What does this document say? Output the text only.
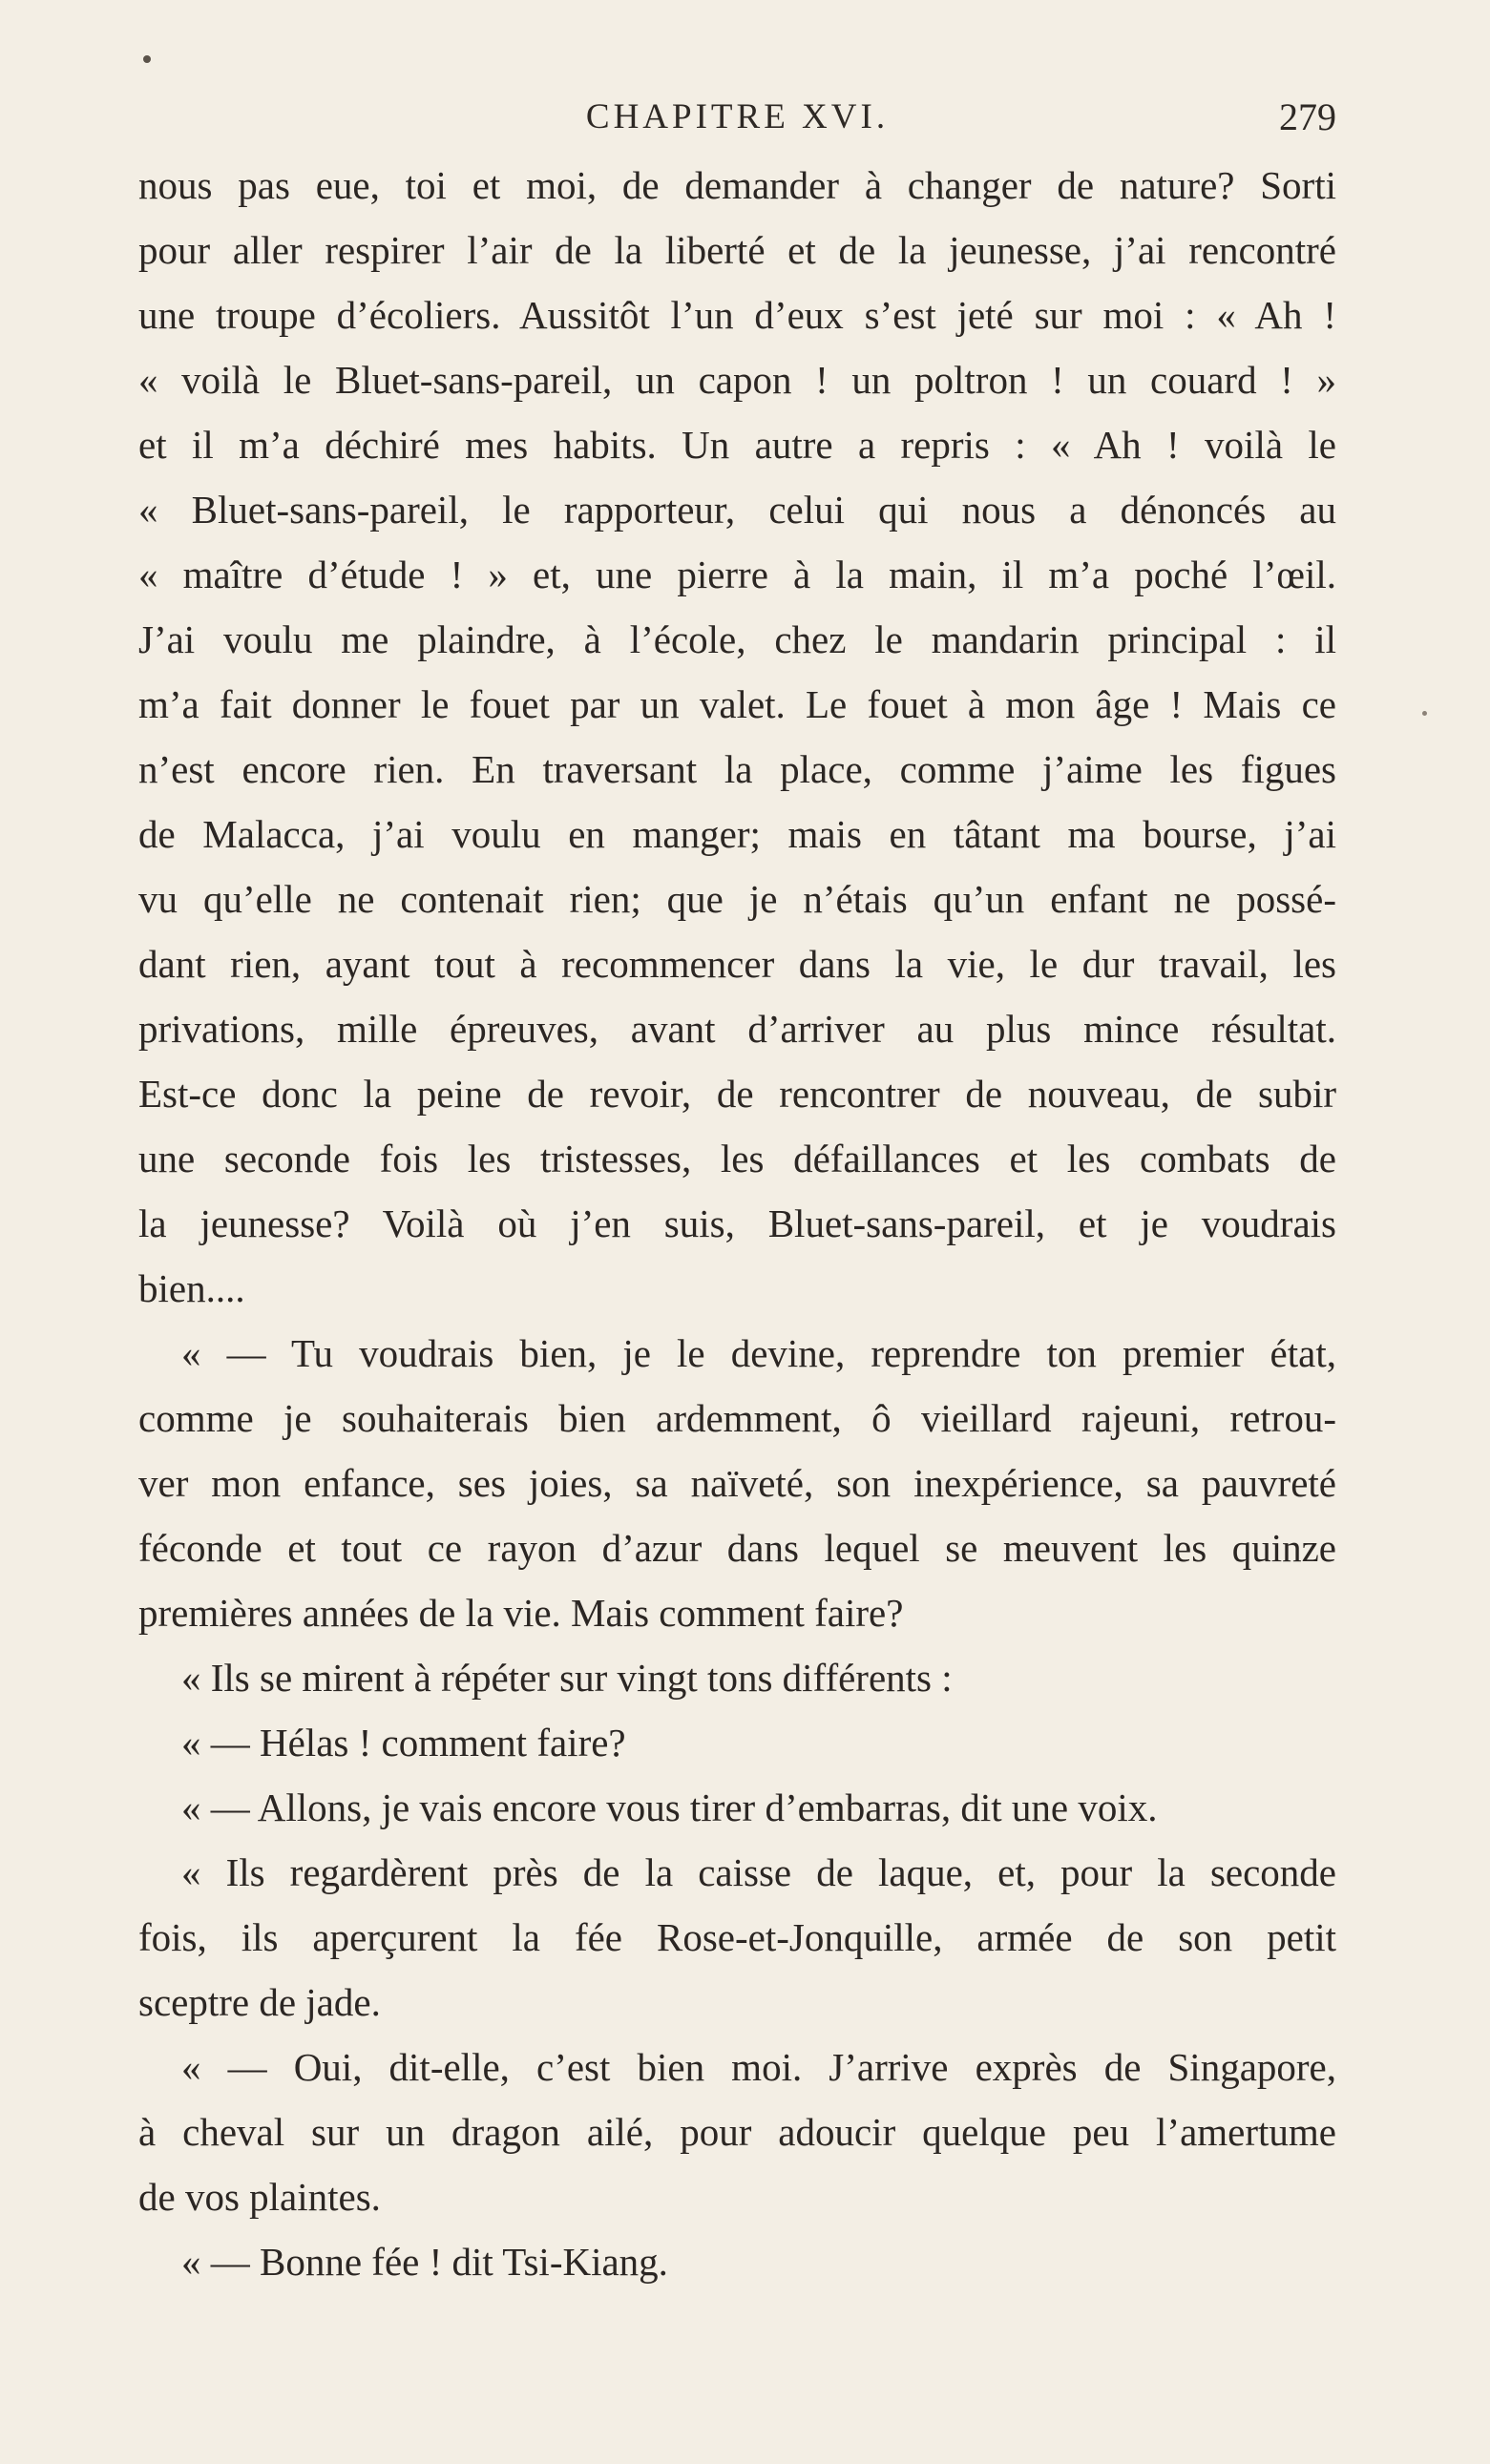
CHAPITRE XVI.	279
nous pas eue, toi et moi, de demander à changer de nature? Sorti
pour aller respirer l’air de la liberté et de la jeunesse, j’ai rencontré
une troupe d’écoliers. Aussitôt l’un d’eux s’est jeté sur moi : « Ah !
« voilà le Bluet-sans-pareil, un capon ! un poltron ! un couard ! »
et il m’a déchiré mes habits. Un autre a repris : « Ah ! voilà le
« Bluet-sans-pareil, le rapporteur, celui qui nous a dénoncés au
« maître d’étude ! » et, une pierre à la main, il m’a poché l’œil.
J’ai voulu me plaindre, à l’école, chez le mandarin principal : il
m’a fait donner le fouet par un valet. Le fouet à mon âge ! Mais ce
n’est encore rien. En traversant la place, comme j’aime les figues
de Malacca, j’ai voulu en manger; mais en tâtant ma bourse, j’ai
vu qu’elle ne contenait rien; que je n’étais qu’un enfant ne possé-
dant rien, ayant tout à recommencer dans la vie, le dur travail, les
privations, mille épreuves, avant d’arriver au plus mince résultat.
Est-ce donc la peine de revoir, de rencontrer de nouveau, de subir
une seconde fois les tristesses, les défaillances et les combats de
la jeunesse? Voilà où j’en suis, Bluet-sans-pareil, et je voudrais
bien....
« — Tu voudrais bien, je le devine, reprendre ton premier état,
comme je souhaiterais bien ardemment, ô vieillard rajeuni, retrou-
ver mon enfance, ses joies, sa naïveté, son inexpérience, sa pauvreté
féconde et tout ce rayon d’azur dans lequel se meuvent les quinze
premières années de la vie. Mais comment faire?
« Ils se mirent à répéter sur vingt tons différents :
« — Hélas ! comment faire?
« — Allons, je vais encore vous tirer d’embarras, dit une voix.
« Ils regardèrent près de la caisse de laque, et, pour la seconde
fois, ils aperçurent la fée Rose-et-Jonquille, armée de son petit
sceptre de jade.
« — Oui, dit-elle, c’est bien moi. J’arrive exprès de Singapore,
à cheval sur un dragon ailé, pour adoucir quelque peu l’amertume
de vos plaintes.
« — Bonne fée ! dit Tsi-Kiang.
